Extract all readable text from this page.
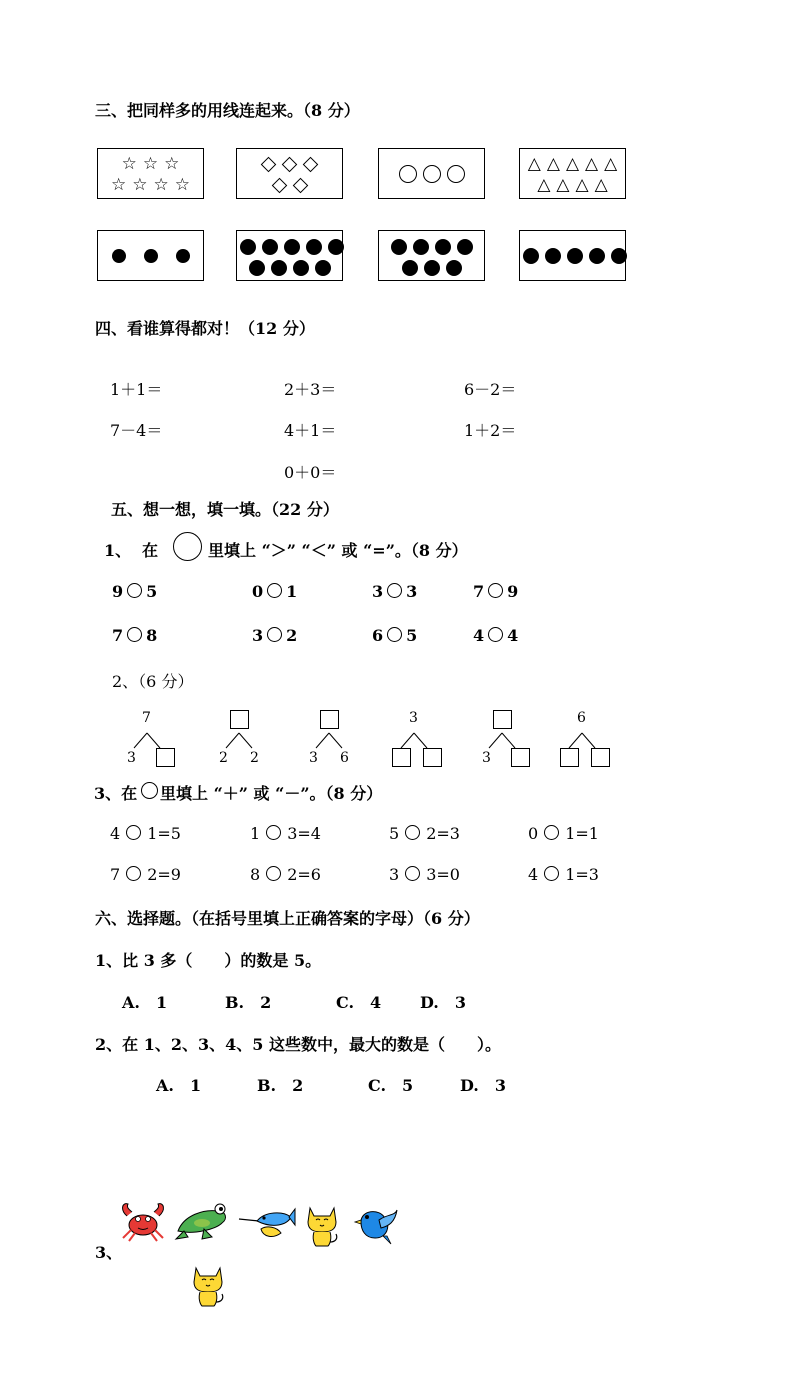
三、把同样多的用线连起来。（8 分）
☆ ☆ ☆
☆ ☆ ☆ ☆
△ △ △ △ △
△ △ △ △
四、看谁算得都对！（12 分）
1＋1＝	2＋3＝	6－2＝
7－4＝	4＋1＝	1＋2＝
0＋0＝
五、想一想，填一填。（22 分）
1、 在	里填上 “＞” “＜” 或 “=”。（8 分）
9 5	0 1	3 3	7 9
7 8	3 2	6 5	4 4
2、（6 分）
7
3	2 2	3 6
3
3
6
3、在 里填上 “＋” 或 “－”。（8 分）
4 1=5	1 3=4	5 2=3	0 1=1
7 2=9	8 2=6	3 3=0	4 1=3
六、选择题。（在括号里填上正确答案的字母）（6 分）
1、比 3 多（　　）的数是 5。
A.　1	B.　2	C.　4 D.　3
2、在 1、2、3、4、5 这些数中，最大的数是（　　）。
A.　1	B.　2	C.　5	D.　3
3、
